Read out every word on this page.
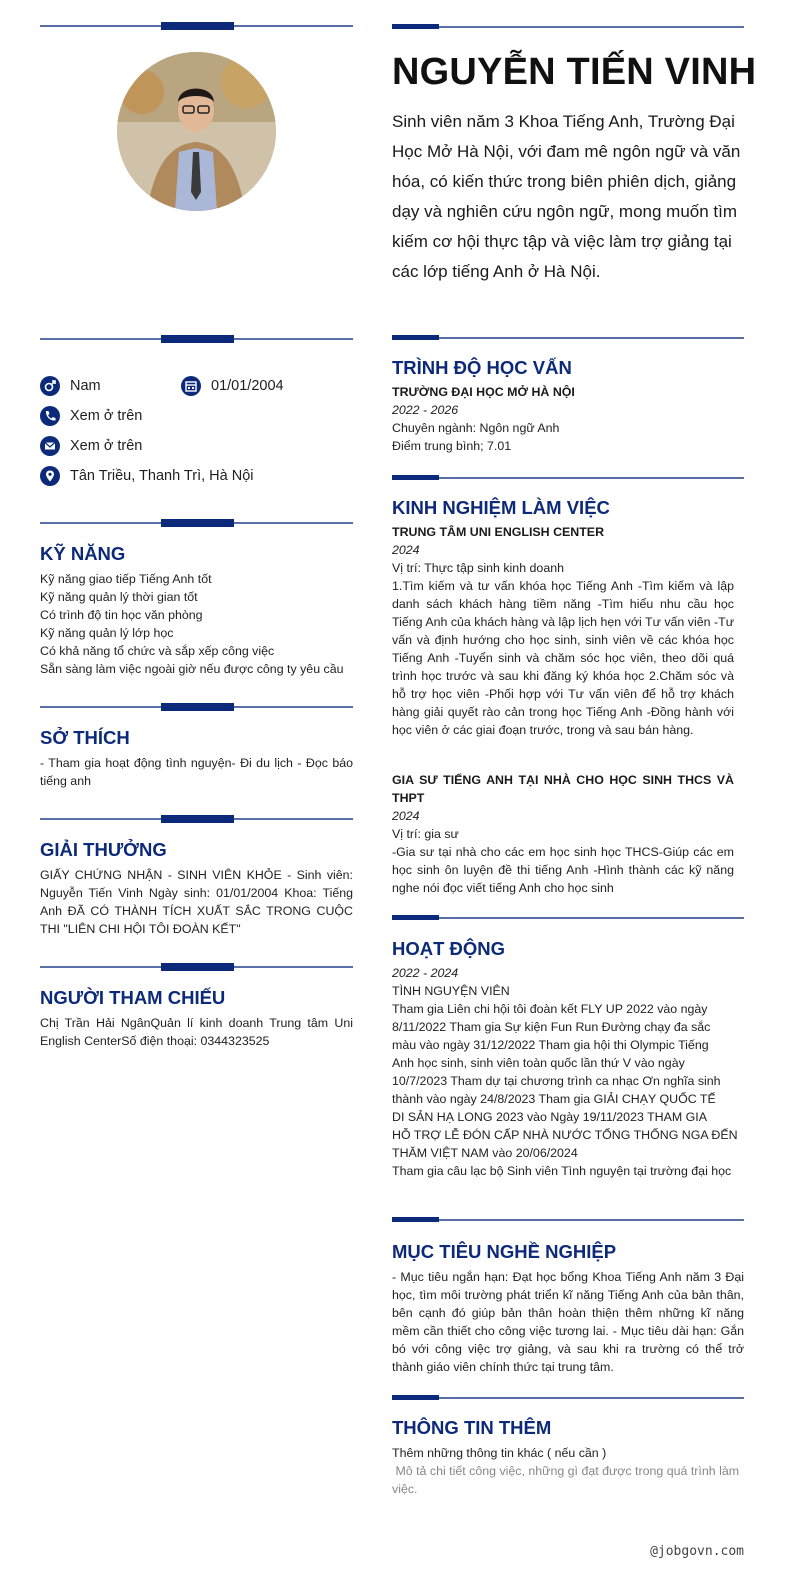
Nam	01/01/2004
Xem ở trên
Xem ở trên
Tân Triều, Thanh Trì, Hà Nội
KỸ NĂNG
Kỹ năng giao tiếp Tiếng Anh tốt
Kỹ năng quản lý thời gian tốt
Có trình độ tin học văn phòng
Kỹ năng quản lý lớp học
Có khả năng tổ chức và sắp xếp công việc
Sẵn sàng làm việc ngoài giờ nếu được công ty yêu cầu
SỞ THÍCH
- Tham gia hoạt động tình nguyện- Đi du lịch - Đọc báo tiếng anh
GIẢI THƯỞNG
GIẤY CHỨNG NHẬN - SINH VIÊN KHỎE - Sinh viên: Nguyễn Tiến Vinh Ngày sinh: 01/01/2004 Khoa: Tiếng Anh ĐÃ CÓ THÀNH TÍCH XUẤT SẮC TRONG CUỘC THI "LIÊN CHI HỘI TÔI ĐOÀN KẾT"
NGƯỜI THAM CHIẾU
Chị Trần Hải NgânQuản lí kinh doanh Trung tâm Uni English CenterSố điện thoại: 0344323525
NGUYỄN TIẾN VINH
Sinh viên năm 3 Khoa Tiếng Anh, Trường Đại Học Mở Hà Nội, với đam mê ngôn ngữ và văn hóa, có kiến thức trong biên phiên dịch, giảng dạy và nghiên cứu ngôn ngữ, mong muốn tìm kiếm cơ hội thực tập và việc làm trợ giảng tại các lớp tiếng Anh ở Hà Nội.
TRÌNH ĐỘ HỌC VẤN
TRƯỜNG ĐẠI HỌC MỞ HÀ NỘI
2022 - 2026
Chuyên ngành: Ngôn ngữ Anh
Điểm trung bình; 7.01
KINH NGHIỆM LÀM VIỆC
TRUNG TÂM UNI ENGLISH CENTER
2024
Vị trí: Thực tập sinh kinh doanh
1.Tìm kiếm và tư vấn khóa học Tiếng Anh -Tìm kiếm và lập danh sách khách hàng tiềm năng -Tìm hiểu nhu cầu học Tiếng Anh của khách hàng và lập lịch hẹn với Tư vấn viên -Tư vấn và định hướng cho học sinh, sinh viên về các khóa học Tiếng Anh -Tuyển sinh và chăm sóc học viên, theo dõi quá trình học trước và sau khi đăng ký khóa học 2.Chăm sóc và hỗ trợ học viên -Phối hợp với Tư vấn viên để hỗ trợ khách hàng giải quyết rào cản trong học Tiếng Anh -Đồng hành với học viên ở các giai đoạn trước, trong và sau bán hàng.
GIA SƯ TIẾNG ANH TẠI NHÀ CHO HỌC SINH THCS VÀ THPT
2024
Vị trí: gia sư
-Gia sư tại nhà cho các em học sinh học THCS-Giúp các em học sinh ôn luyện đề thi tiếng Anh -Hình thành các kỹ năng nghe nói đọc viết tiếng Anh cho học sinh
HOẠT ĐỘNG
2022 - 2024
TÌNH NGUYỆN VIÊN
Tham gia Liên chi hội tôi đoàn kết FLY UP 2022 vào ngày
8/11/2022 Tham gia Sự kiện Fun Run Đường chạy đa sắc
màu vào ngày 31/12/2022 Tham gia hội thi Olympic Tiếng
Anh học sinh, sinh viên toàn quốc lần thứ V vào ngày
10/7/2023 Tham dự tại chương trình ca nhạc Ơn nghĩa sinh
thành vào ngày 24/8/2023 Tham gia GIẢI CHẠY QUỐC TẾ
DI SẢN HẠ LONG 2023 vào Ngày 19/11/2023 THAM GIA
HỖ TRỢ LỄ ĐÓN CẤP NHÀ NƯỚC TỔNG THỐNG NGA ĐẾN
THĂM VIỆT NAM vào 20/06/2024
Tham gia câu lạc bộ Sinh viên Tình nguyện tại trường đại học
MỤC TIÊU NGHỀ NGHIỆP
- Mục tiêu ngắn hạn: Đạt học bổng Khoa Tiếng Anh năm 3 Đại học, tìm môi trường phát triển kĩ năng Tiếng Anh của bản thân, bên cạnh đó giúp bản thân hoàn thiện thêm những kĩ năng mềm cần thiết cho công việc tương lai. - Mục tiêu dài hạn: Gắn bó với công việc trợ giảng, và sau khi ra trường có thể trở thành giáo viên chính thức tại trung tâm.
THÔNG TIN THÊM
Thêm những thông tin khác ( nếu cần )
Mô tả chi tiết công việc, những gì đạt được trong quá trình làm việc.
@jobgovn.com
